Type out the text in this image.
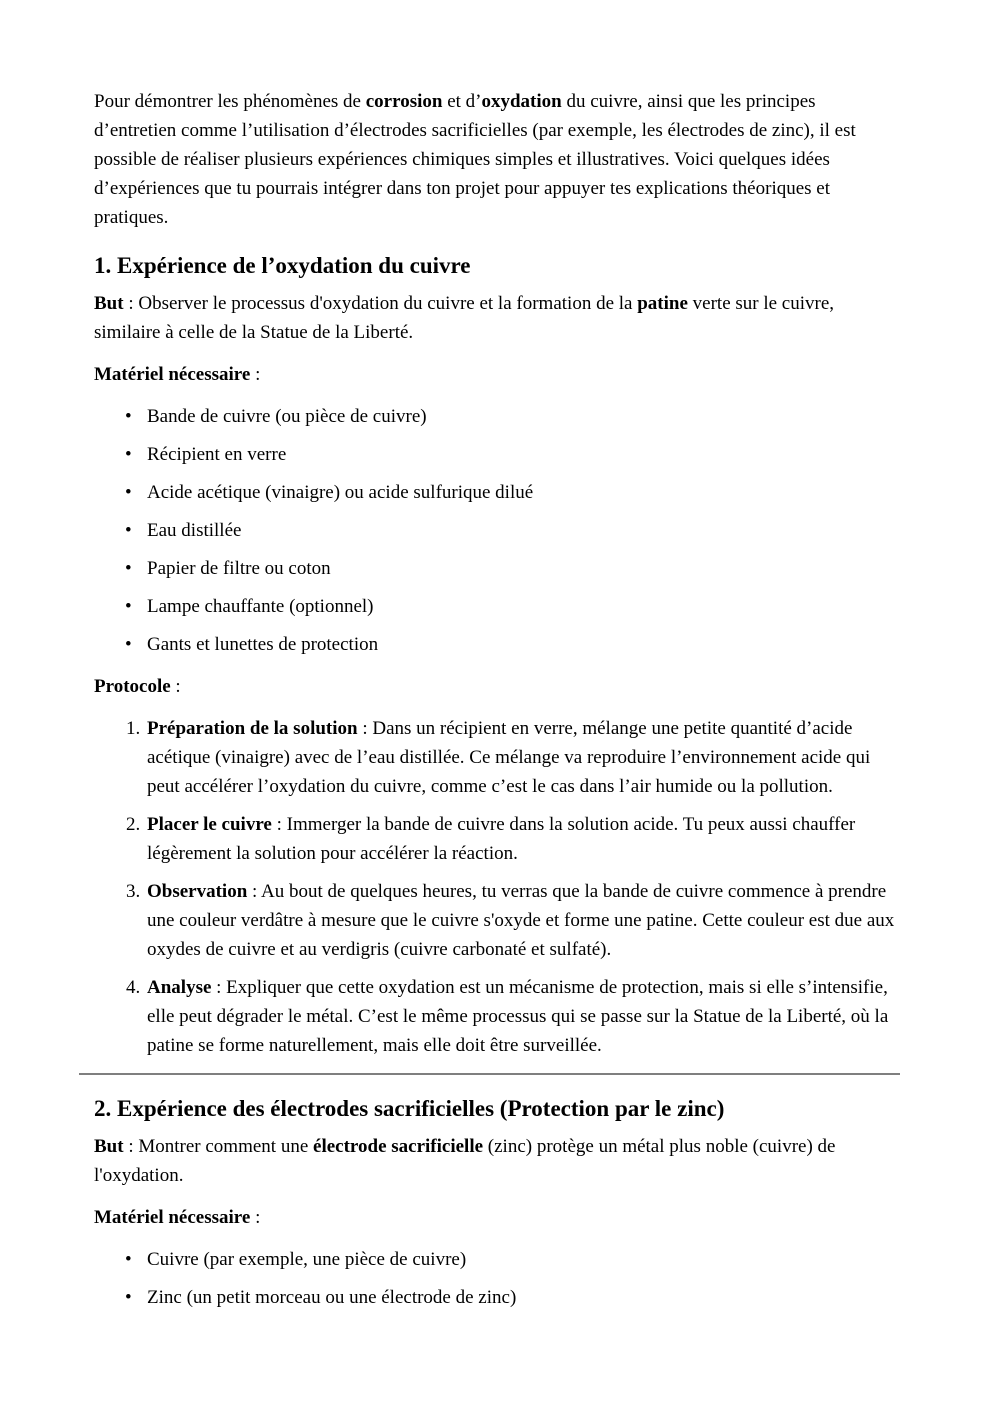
Pour démontrer les phénomènes de corrosion et d’oxydation du cuivre, ainsi que les principes d’entretien comme l’utilisation d’électrodes sacrificielles (par exemple, les électrodes de zinc), il est possible de réaliser plusieurs expériences chimiques simples et illustratives. Voici quelques idées d’expériences que tu pourrais intégrer dans ton projet pour appuyer tes explications théoriques et pratiques.

1. Expérience de l’oxydation du cuivre

But : Observer le processus d'oxydation du cuivre et la formation de la patine verte sur le cuivre, similaire à celle de la Statue de la Liberté.

Matériel nécessaire :

• Bande de cuivre (ou pièce de cuivre)
• Récipient en verre
• Acide acétique (vinaigre) ou acide sulfurique dilué
• Eau distillée
• Papier de filtre ou coton
• Lampe chauffante (optionnel)
• Gants et lunettes de protection

Protocole :

1. Préparation de la solution : Dans un récipient en verre, mélange une petite quantité d’acide acétique (vinaigre) avec de l’eau distillée. Ce mélange va reproduire l’environnement acide qui peut accélérer l’oxydation du cuivre, comme c’est le cas dans l’air humide ou la pollution.
2. Placer le cuivre : Immerger la bande de cuivre dans la solution acide. Tu peux aussi chauffer légèrement la solution pour accélérer la réaction.
3. Observation : Au bout de quelques heures, tu verras que la bande de cuivre commence à prendre une couleur verdâtre à mesure que le cuivre s'oxyde et forme une patine. Cette couleur est due aux oxydes de cuivre et au verdigris (cuivre carbonaté et sulfaté).
4. Analyse : Expliquer que cette oxydation est un mécanisme de protection, mais si elle s’intensifie, elle peut dégrader le métal. C’est le même processus qui se passe sur la Statue de la Liberté, où la patine se forme naturellement, mais elle doit être surveillée.
2. Expérience des électrodes sacrificielles (Protection par le zinc)

But : Montrer comment une électrode sacrificielle (zinc) protège un métal plus noble (cuivre) de l'oxydation.

Matériel nécessaire :

• Cuivre (par exemple, une pièce de cuivre)
• Zinc (un petit morceau ou une électrode de zinc)
